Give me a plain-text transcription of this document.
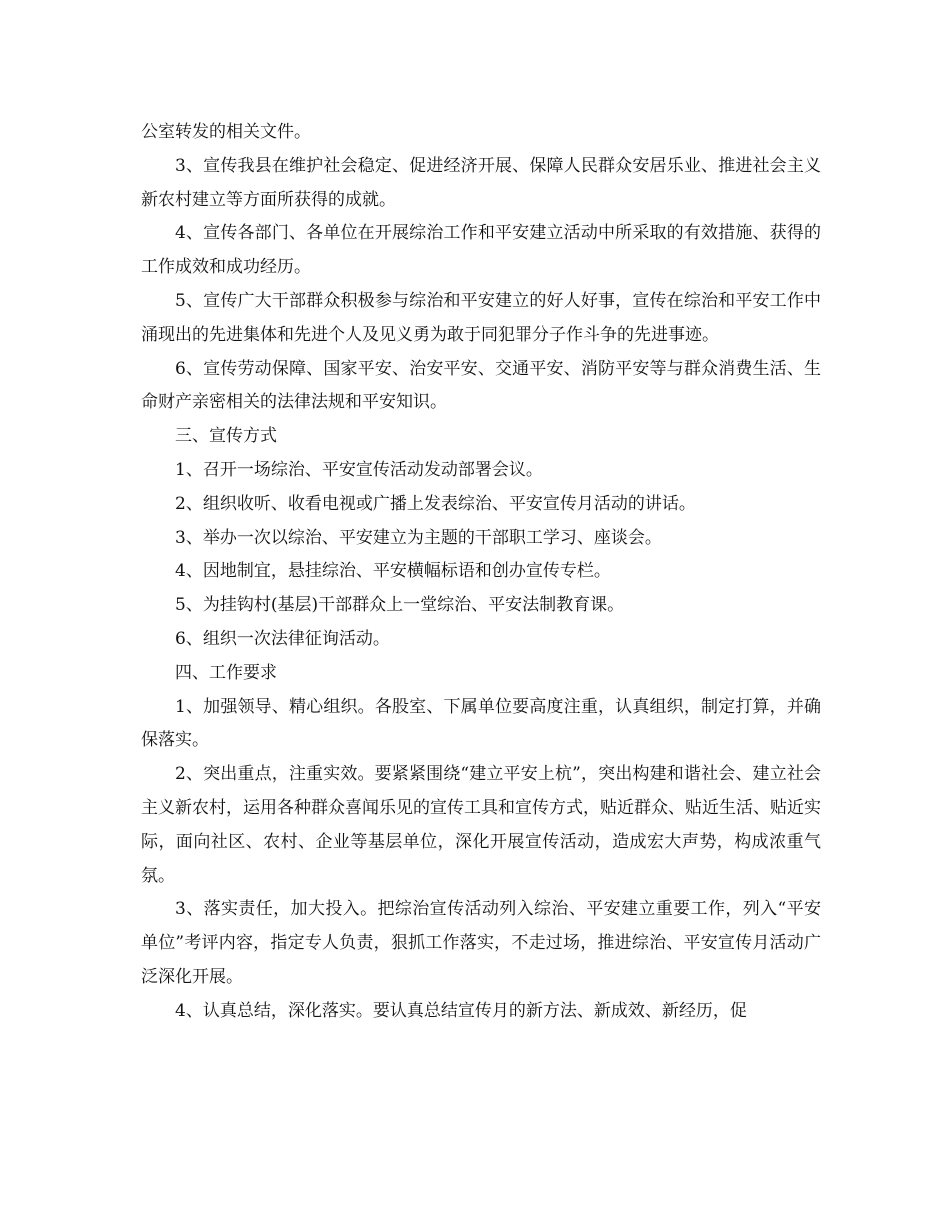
公室转发的相关文件。

3、宣传我县在维护社会稳定、促进经济开展、保障人民群众安居乐业、推进社会主义新农村建立等方面所获得的成就。

4、宣传各部门、各单位在开展综治工作和平安建立活动中所采取的有效措施、获得的工作成效和成功经历。

5、宣传广大干部群众积极参与综治和平安建立的好人好事，宣传在综治和平安工作中涌现出的先进集体和先进个人及见义勇为敢于同犯罪分子作斗争的先进事迹。

6、宣传劳动保障、国家平安、治安平安、交通平安、消防平安等与群众消费生活、生命财产亲密相关的法律法规和平安知识。

三、宣传方式

1、召开一场综治、平安宣传活动发动部署会议。

2、组织收听、收看电视或广播上发表综治、平安宣传月活动的讲话。

3、举办一次以综治、平安建立为主题的干部职工学习、座谈会。

4、因地制宜，悬挂综治、平安横幅标语和创办宣传专栏。

5、为挂钩村(基层)干部群众上一堂综治、平安法制教育课。

6、组织一次法律征询活动。

四、工作要求

1、加强领导、精心组织。各股室、下属单位要高度注重，认真组织，制定打算，并确保落实。

2、突出重点，注重实效。要紧紧围绕“建立平安上杭”，突出构建和谐社会、建立社会主义新农村，运用各种群众喜闻乐见的宣传工具和宣传方式，贴近群众、贴近生活、贴近实际，面向社区、农村、企业等基层单位，深化开展宣传活动，造成宏大声势，构成浓重气氛。

3、落实责任，加大投入。把综治宣传活动列入综治、平安建立重要工作，列入“平安单位”考评内容，指定专人负责，狠抓工作落实，不走过场，推进综治、平安宣传月活动广泛深化开展。

4、认真总结，深化落实。要认真总结宣传月的新方法、新成效、新经历，促
